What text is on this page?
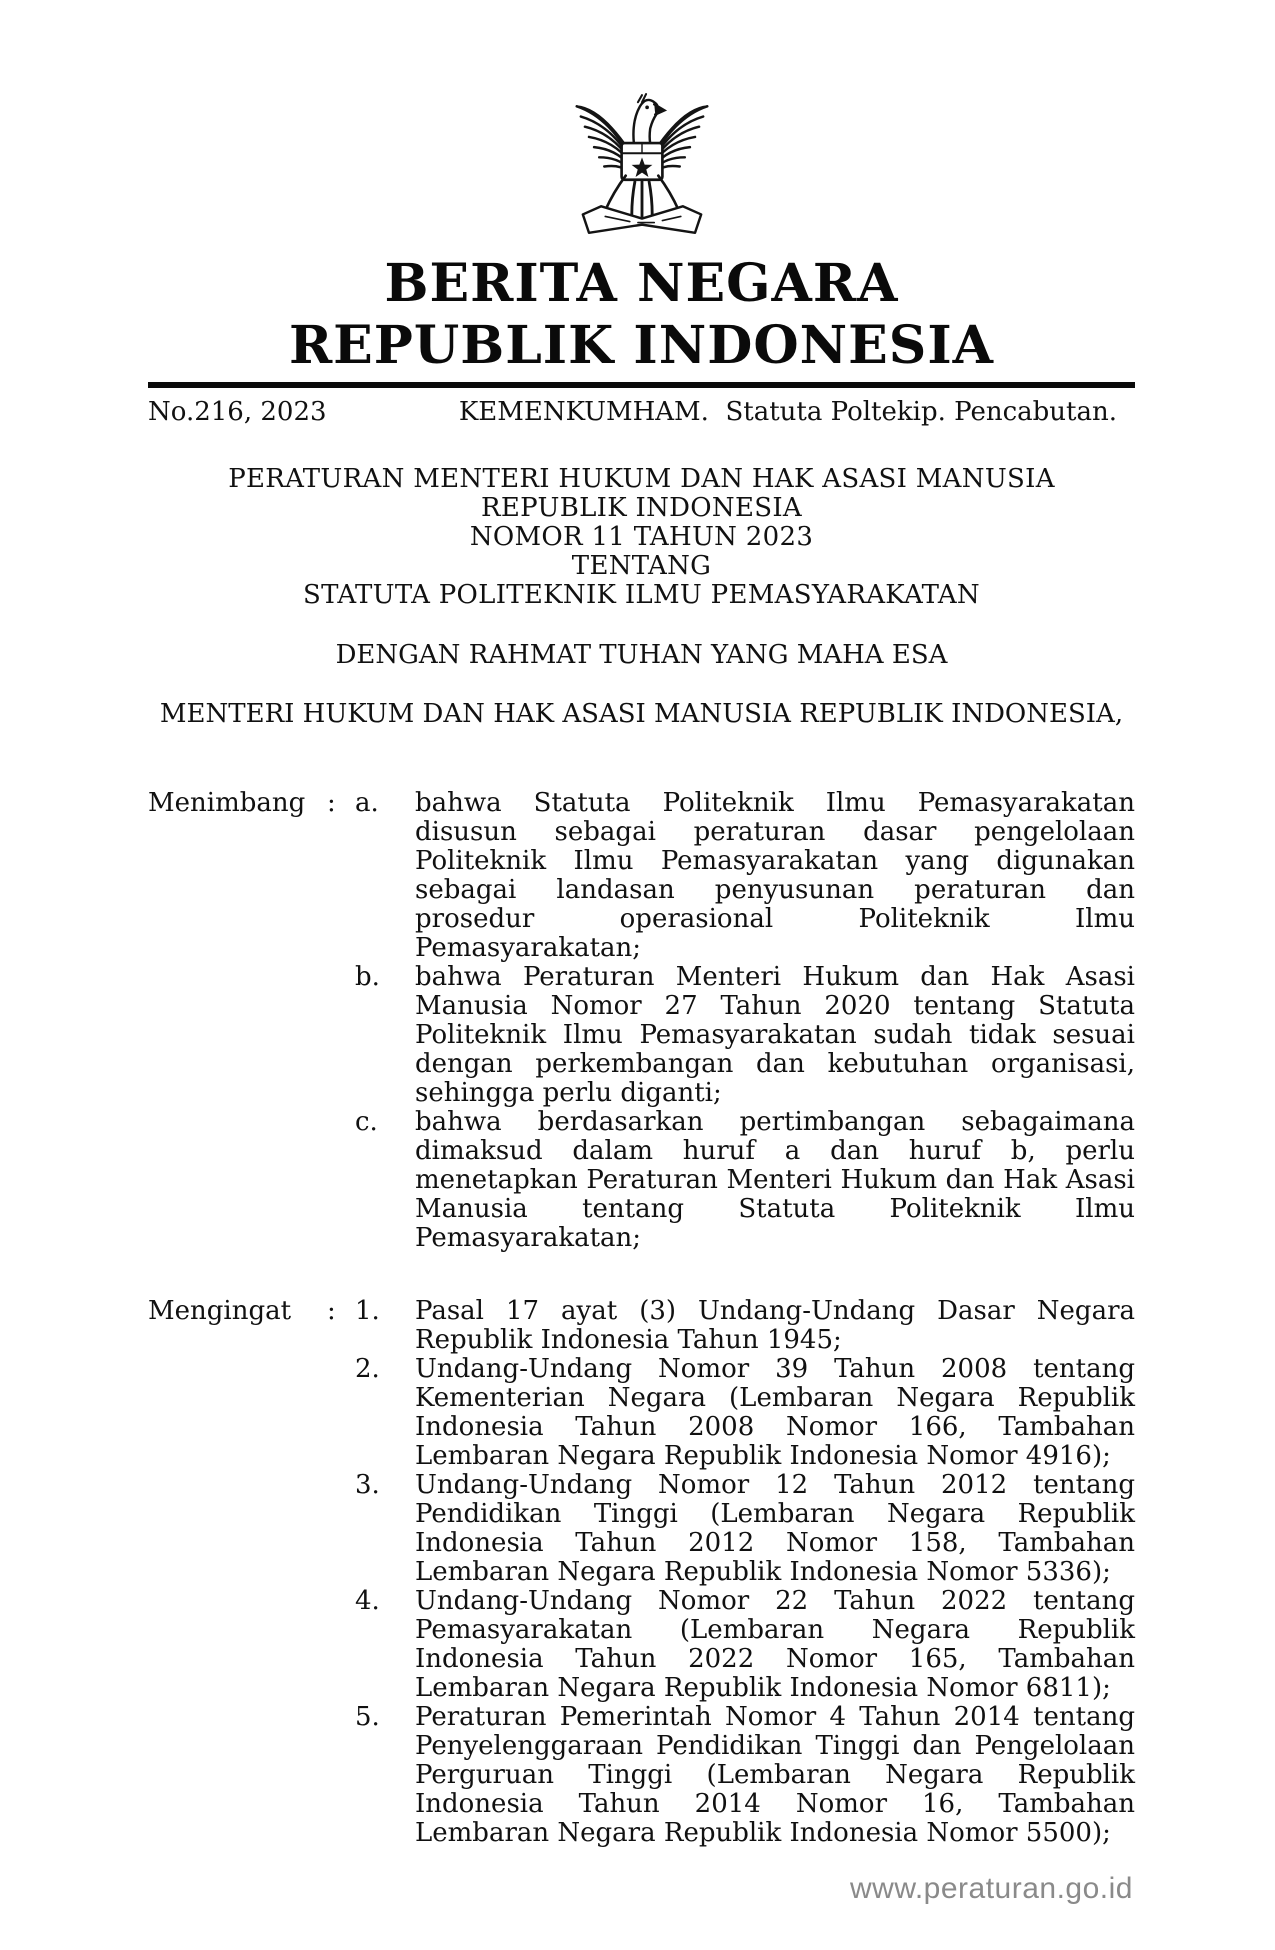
BERITA NEGARA
REPUBLIK INDONESIA
No.216, 2023	KEMENKUMHAM.  Statuta Poltekip. Pencabutan.
PERATURAN MENTERI HUKUM DAN HAK ASASI MANUSIA
REPUBLIK INDONESIA
NOMOR 11 TAHUN 2023
TENTANG
STATUTA POLITEKNIK ILMU PEMASYARAKATAN
DENGAN RAHMAT TUHAN YANG MAHA ESA
MENTERI HUKUM DAN HAK ASASI MANUSIA REPUBLIK INDONESIA,
Menimbang : a.	bahwa Statuta Politeknik Ilmu Pemasyarakatan disusun sebagai peraturan dasar pengelolaan Politeknik Ilmu Pemasyarakatan yang digunakan sebagai landasan penyusunan peraturan dan prosedur operasional Politeknik Ilmu Pemasyarakatan;
b.	bahwa Peraturan Menteri Hukum dan Hak Asasi Manusia Nomor 27 Tahun 2020 tentang Statuta Politeknik Ilmu Pemasyarakatan sudah tidak sesuai dengan perkembangan dan kebutuhan organisasi, sehingga perlu diganti;
c.	bahwa berdasarkan pertimbangan sebagaimana dimaksud dalam huruf a dan huruf b, perlu menetapkan Peraturan Menteri Hukum dan Hak Asasi Manusia tentang Statuta Politeknik Ilmu Pemasyarakatan;
Mengingat	: 1.	Pasal 17 ayat (3) Undang-Undang Dasar Negara Republik Indonesia Tahun 1945;
2.	Undang-Undang Nomor 39 Tahun 2008 tentang Kementerian Negara (Lembaran Negara Republik Indonesia Tahun 2008 Nomor 166, Tambahan Lembaran Negara Republik Indonesia Nomor 4916);
3.	Undang-Undang Nomor 12 Tahun 2012 tentang Pendidikan Tinggi (Lembaran Negara Republik Indonesia Tahun 2012 Nomor 158, Tambahan Lembaran Negara Republik Indonesia Nomor 5336);
4.	Undang-Undang Nomor 22 Tahun 2022 tentang Pemasyarakatan (Lembaran Negara Republik Indonesia Tahun 2022 Nomor 165, Tambahan Lembaran Negara Republik Indonesia Nomor 6811);
5.	Peraturan Pemerintah Nomor 4 Tahun 2014 tentang Penyelenggaraan Pendidikan Tinggi dan Pengelolaan Perguruan Tinggi (Lembaran Negara Republik Indonesia Tahun 2014 Nomor 16, Tambahan Lembaran Negara Republik Indonesia Nomor 5500);
www.peraturan.go.id
